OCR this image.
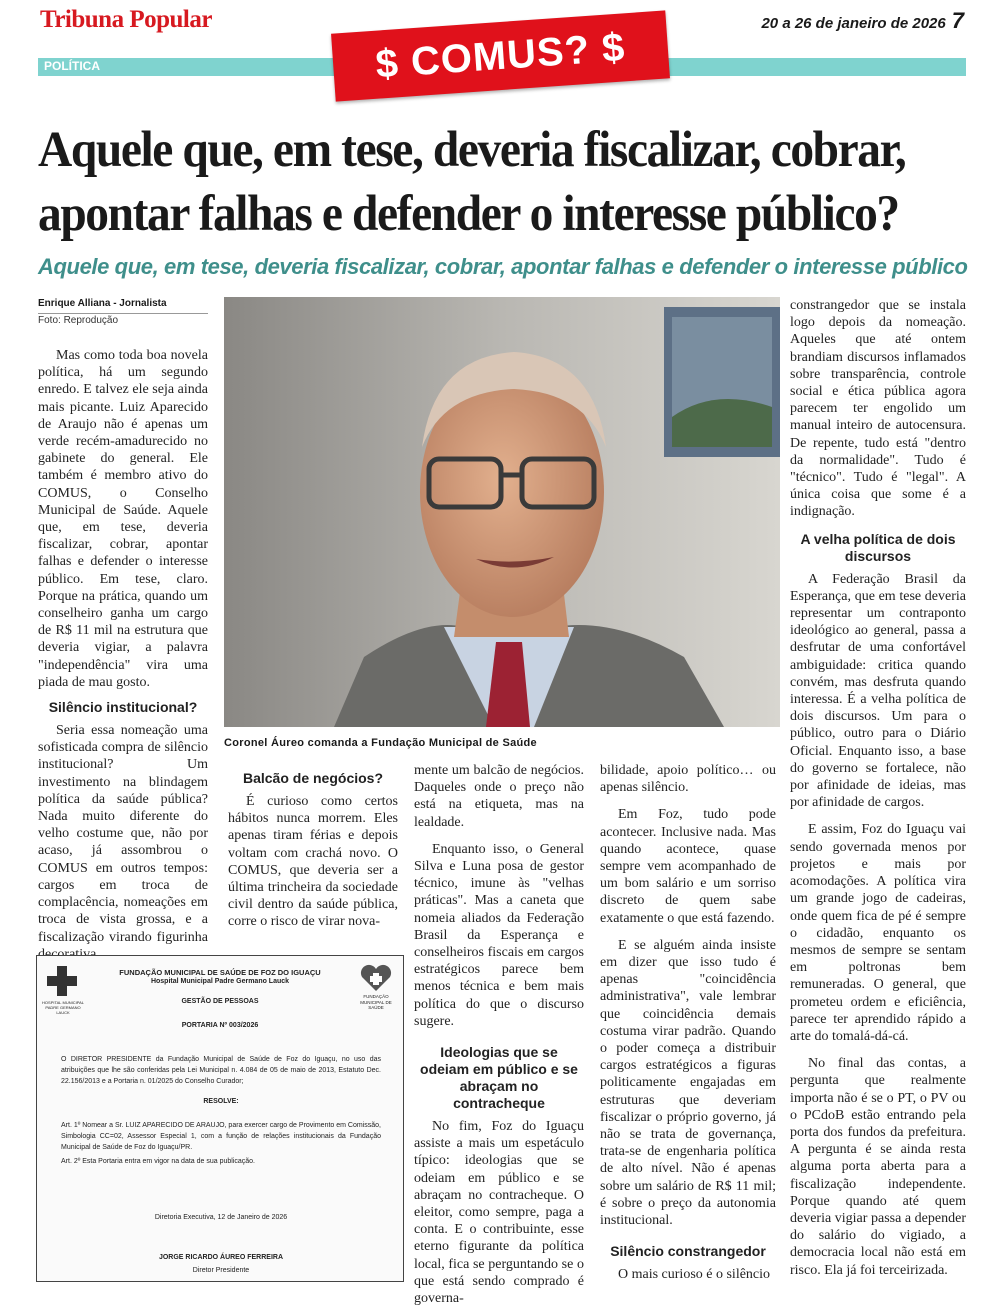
Tribuna Popular	20 a 26 de janeiro de 2026 7
POLÍTICA	$ COMUS? $
Aquele que, em tese, deveria fiscalizar, cobrar,
apontar falhas e defender o interesse público?
Aquele que, em tese, deveria fiscalizar, cobrar, apontar falhas e defender o interesse público
Enrique Alliana - Jornalista
Foto: Reprodução

Mas como toda boa novela política, há um segundo enredo. E talvez ele seja ainda mais picante. Luiz Aparecido de Araujo não é apenas um verde recém-amadurecido no gabinete do general. Ele também é membro ativo do COMUS, o Conselho Municipal de Saúde. Aquele que, em tese, deveria fiscalizar, cobrar, apontar falhas e defender o interesse público. Em tese, claro. Porque na prática, quando um conselheiro ganha um cargo de R$ 11 mil na estrutura que deveria vigiar, a palavra "independência" vira uma piada de mau gosto.

Silêncio institucional?

Seria essa nomeação uma sofisticada compra de silêncio institucional? Um investimento na blindagem política da saúde pública? Nada muito diferente do velho costume que, não por acaso, já assombrou o COMUS em outros tempos: cargos em troca de complacência, nomeações em troca de vista grossa, e a fiscalização virando figurinha

Coronel Áureo comanda a Fundação Municipal de Saúde
Balcão de negócios?

É curioso como certos hábitos nunca morrem. Eles apenas tiram férias e depois voltam com crachá novo. O COMUS, que deveria ser a última trincheira da sociedade civil dentro da saúde pública, corre o risco de virar nova-

mente um balcão de negócios. Daqueles onde o preço não está na etiqueta, mas na lealdade.

Enquanto isso, o General Silva e Luna posa de gestor técnico, imune às "velhas práticas". Mas a caneta que nomeia aliados da Federação Brasil da Esperança e conselheiros fiscais em cargos estratégicos parece bem menos técnica e bem mais política do que o discurso sugere.

Ideologias que se odeiam em público e se abraçam no contracheque

No fim, Foz do Iguaçu assiste a mais um espetáculo típico: ideologias que se odeiam em público e se abraçam no contracheque. O eleitor, como sempre, paga a conta. E o contribuinte, esse eterno figurante da política local, fica se perguntando se o que está sendo comprado é governa-

bilidade, apoio político… ou apenas silêncio.

Em Foz, tudo pode acontecer. Inclusive nada. Mas quando acontece, quase sempre vem acompanhado de um bom salário e um sorriso discreto de quem sabe exatamente o que está fazendo.

E se alguém ainda insiste em dizer que isso tudo é apenas "coincidência administrativa", vale lembrar que coincidência demais costuma virar padrão. Quando o poder começa a distribuir cargos estratégicos a figuras politicamente engajadas em estruturas que deveriam fiscalizar o próprio governo, já não se trata de governança, trata-se de engenharia política de alto nível. Não é apenas sobre um salário de R$ 11 mil; é sobre o preço da autonomia institucional.

Silêncio constrangedor

O mais curioso é o silêncio

constrangedor que se instala logo depois da nomeação. Aqueles que até ontem brandiam discursos inflamados sobre transparência, controle social e ética pública agora parecem ter engolido um manual inteiro de autocensura. De repente, tudo está "dentro da normalidade". Tudo é "técnico". Tudo é "legal". A única coisa que some é a indignação.

A velha política de dois discursos

A Federação Brasil da Esperança, que em tese deveria representar um contraponto ideológico ao general, passa a desfrutar de uma confortável ambiguidade: critica quando convém, mas desfruta quando interessa. É a velha política de dois discursos. Um para o público, outro para o Diário Oficial. Enquanto isso, a base do governo se fortalece, não por afinidade de ideias, mas por afinidade de cargos.

E assim, Foz do Iguaçu vai sendo governada menos por projetos e mais por acomodações. A política vira um grande jogo de cadeiras, onde quem fica de pé é sempre o cidadão, enquanto os mesmos de sempre se sentam em poltronas bem remuneradas. O general, que prometeu ordem e eficiência, parece ter aprendido rápido a arte do tomalá-dá-cá.

No final das contas, a pergunta que realmente importa não é se o PT, o PV ou o PCdoB estão entrando pela porta dos fundos da prefeitura. A pergunta é se ainda resta alguma porta aberta para a fiscalização independente. Porque quando até quem deveria vigiar passa a depender do salário do vigiado, a democracia local não está em risco. Ela já foi terceirizada.

HOSPITAL MUNICIPAL PADRE GERMANO LAUCK
FUNDAÇÃO MUNICIPAL DE SAÚDE
FUNDAÇÃO MUNICIPAL DE SAÚDE DE FOZ DO IGUAÇU
Hospital Municipal Padre Germano Lauck
GESTÃO DE PESSOAS
PORTARIA Nº 003/2026
O DIRETOR PRESIDENTE da Fundação Municipal de Saúde de Foz do Iguaçu, no uso das atribuições que lhe são conferidas pela Lei Municipal n. 4.084 de 05 de maio de 2013, Estatuto Dec. 22.156/2013 e a Portaria n. 01/2025 do Conselho Curador;
RESOLVE:
Art. 1º Nomear a Sr. LUIZ APARECIDO DE ARAUJO, para exercer cargo de Provimento em Comissão, Simbologia CC=02, Assessor Especial 1, com a função de relações institucionais da Fundação Municipal de Saúde de Foz do Iguaçu/PR.
Art. 2º Esta Portaria entra em vigor na data de sua publicação.
Diretoria Executiva, 12 de Janeiro de 2026
JORGE RICARDO ÁUREO FERREIRA
Diretor Presidente
